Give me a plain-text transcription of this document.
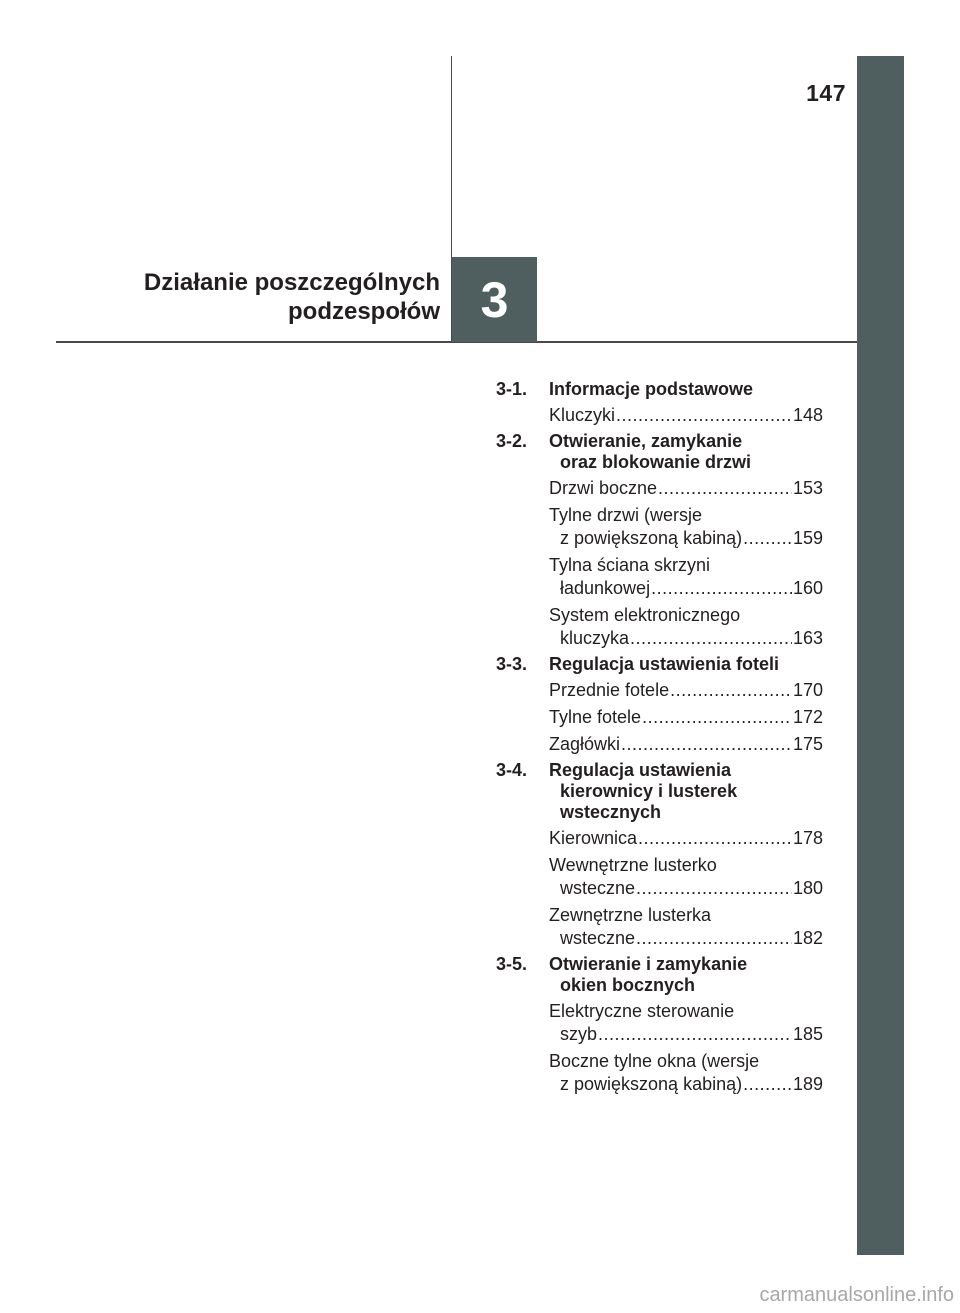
147
Działanie poszczególnych
podzespołów 3
3-1.	Informacje podstawowe
Kluczyki .....	148
3-2.	Otwieranie, zamykanie
oraz blokowanie drzwi
Drzwi boczne .....	153
Tylne drzwi (wersje
z powiększoną kabiną) .....	159
Tylna ściana skrzyni
ładunkowej .....	160
System elektronicznego
kluczyka .....	163
3-3.	Regulacja ustawienia foteli
Przednie fotele .....	170
Tylne fotele .....	172
Zagłówki .....	175
3-4.	Regulacja ustawienia
kierownicy i lusterek
wstecznych
Kierownica .....	178
Wewnętrzne lusterko
wsteczne .....	180
Zewnętrzne lusterka
wsteczne .....	182
3-5.	Otwieranie i zamykanie
okien bocznych
Elektryczne sterowanie
szyb .....	185
Boczne tylne okna (wersje
z powiększoną kabiną) .....	189
carmanualsonline.info
